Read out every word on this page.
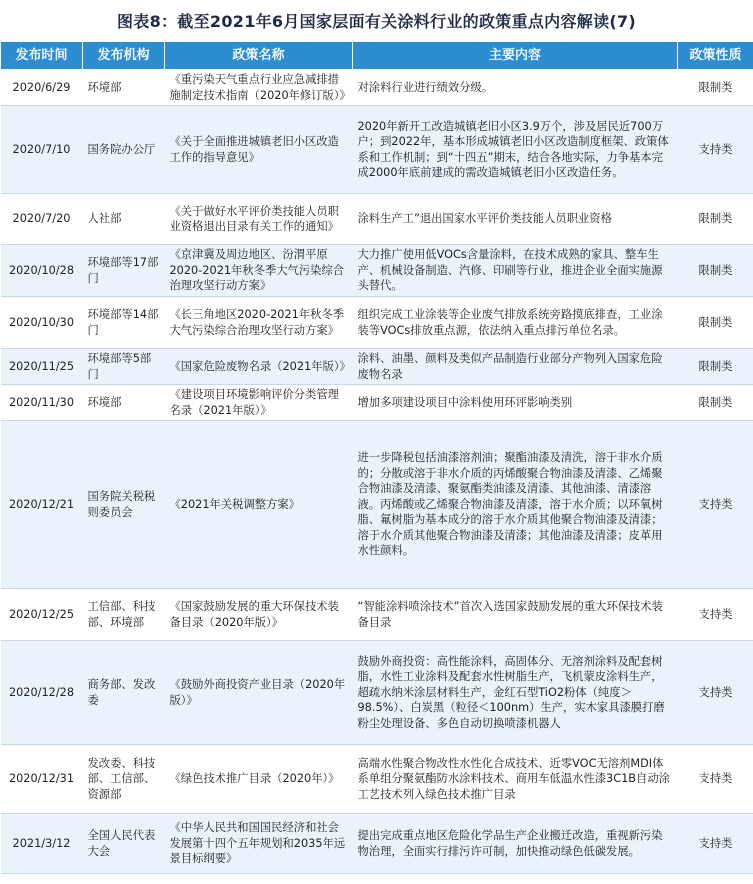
图表8：截至2021年6月国家层面有关涂料行业的政策重点内容解读(7)
发布时间	发布机构	政策名称	主要内容	政策性质
2020/6/29	环境部	《重污染天气重点行业应急减排措施制定技术指南（2020年修订版）》	对涂料行业进行绩效分级。	限制类
2020/7/10	国务院办公厅	《关于全面推进城镇老旧小区改造工作的指导意见》	2020年新开工改造城镇老旧小区3.9万个，涉及居民近700万户；到2022年，基本形成城镇老旧小区改造制度框架、政策体系和工作机制；到“十四五”期末，结合各地实际，力争基本完成2000年底前建成的需改造城镇老旧小区改造任务。	支持类
2020/7/20	人社部	《关于做好水平评价类技能人员职业资格退出目录有关工作的通知》	涂料生产工”退出国家水平评价类技能人员职业资格	限制类
2020/10/28	环境部等17部门	《京津冀及周边地区、汾渭平原2020-2021年秋冬季大气污染综合治理攻坚行动方案》	大力推广使用低VOCs含量涂料，在技术成熟的家具、整车生产、机械设备制造、汽修、印刷等行业，推进企业全面实施源头替代。	限制类
2020/10/30	环境部等14部门	《长三角地区2020-2021年秋冬季大气污染综合治理攻坚行动方案》	组织完成工业涂装等企业废气排放系统旁路摸底排查，工业涂装等VOCs排放重点源，依法纳入重点排污单位名录。	限制类
2020/11/25	环境部等5部门	《国家危险废物名录（2021年版）》	涂料、油墨、颜料及类似产品制造行业部分产物列入国家危险废物名录	限制类
2020/11/30	环境部	《建设项目环境影响评价分类管理名录（2021年版）》	增加多项建设项目中涂料使用环评影响类别	限制类
2020/12/21	国务院关税税则委员会	《2021年关税调整方案》	进一步降税包括油漆溶剂油；聚酯油漆及清洗，溶于非水介质的；分散或溶于非水介质的丙烯酸聚合物油漆及清漆、乙烯聚合物油漆及清漆、聚氨酯类油漆及清漆、其他油漆、清漆溶液。丙烯酸或乙烯聚合物油漆及清漆，溶于水介质；以环氧树脂、氟树脂为基本成分的溶于水介质其他聚合物油漆及清漆；溶于水介质其他聚合物油漆及清漆；其他油漆及清漆；皮革用水性颜料。	支持类
2020/12/25	工信部、科技部、环境部	《国家鼓励发展的重大环保技术装备目录（2020年版）》	“智能涂料喷涂技术”首次入选国家鼓励发展的重大环保技术装备目录	支持类
2020/12/28	商务部、发改委	《鼓励外商投资产业目录（2020年版）》	鼓励外商投资：高性能涂料，高固体分、无溶剂涂料及配套树脂，水性工业涂料及配套水性树脂生产，飞机蒙皮涂料生产，超疏水纳米涂层材料生产，金红石型TiO2粉体（纯度＞98.5%）、白炭黑（粒径＜100nm）生产，实木家具漆膜打磨粉尘处理设备、多色自动切换喷漆机器人	支持类
2020/12/31	发改委、科技部、工信部、资源部	《绿色技术推广目录（2020年）》	高端水性聚合物改性水性化合成技术、近零VOC无溶剂MDI体系单组分聚氨酯防水涂料技术、商用车低温水性漆3C1B自动涂工艺技术列入绿色技术推广目录	支持类
2021/3/12	全国人民代表大会	《中华人民共和国国民经济和社会发展第十四个五年规划和2035年远景目标纲要》	提出完成重点地区危险化学品生产企业搬迁改造，重视新污染物治理，全面实行排污许可制，加快推动绿色低碳发展。	支持类
